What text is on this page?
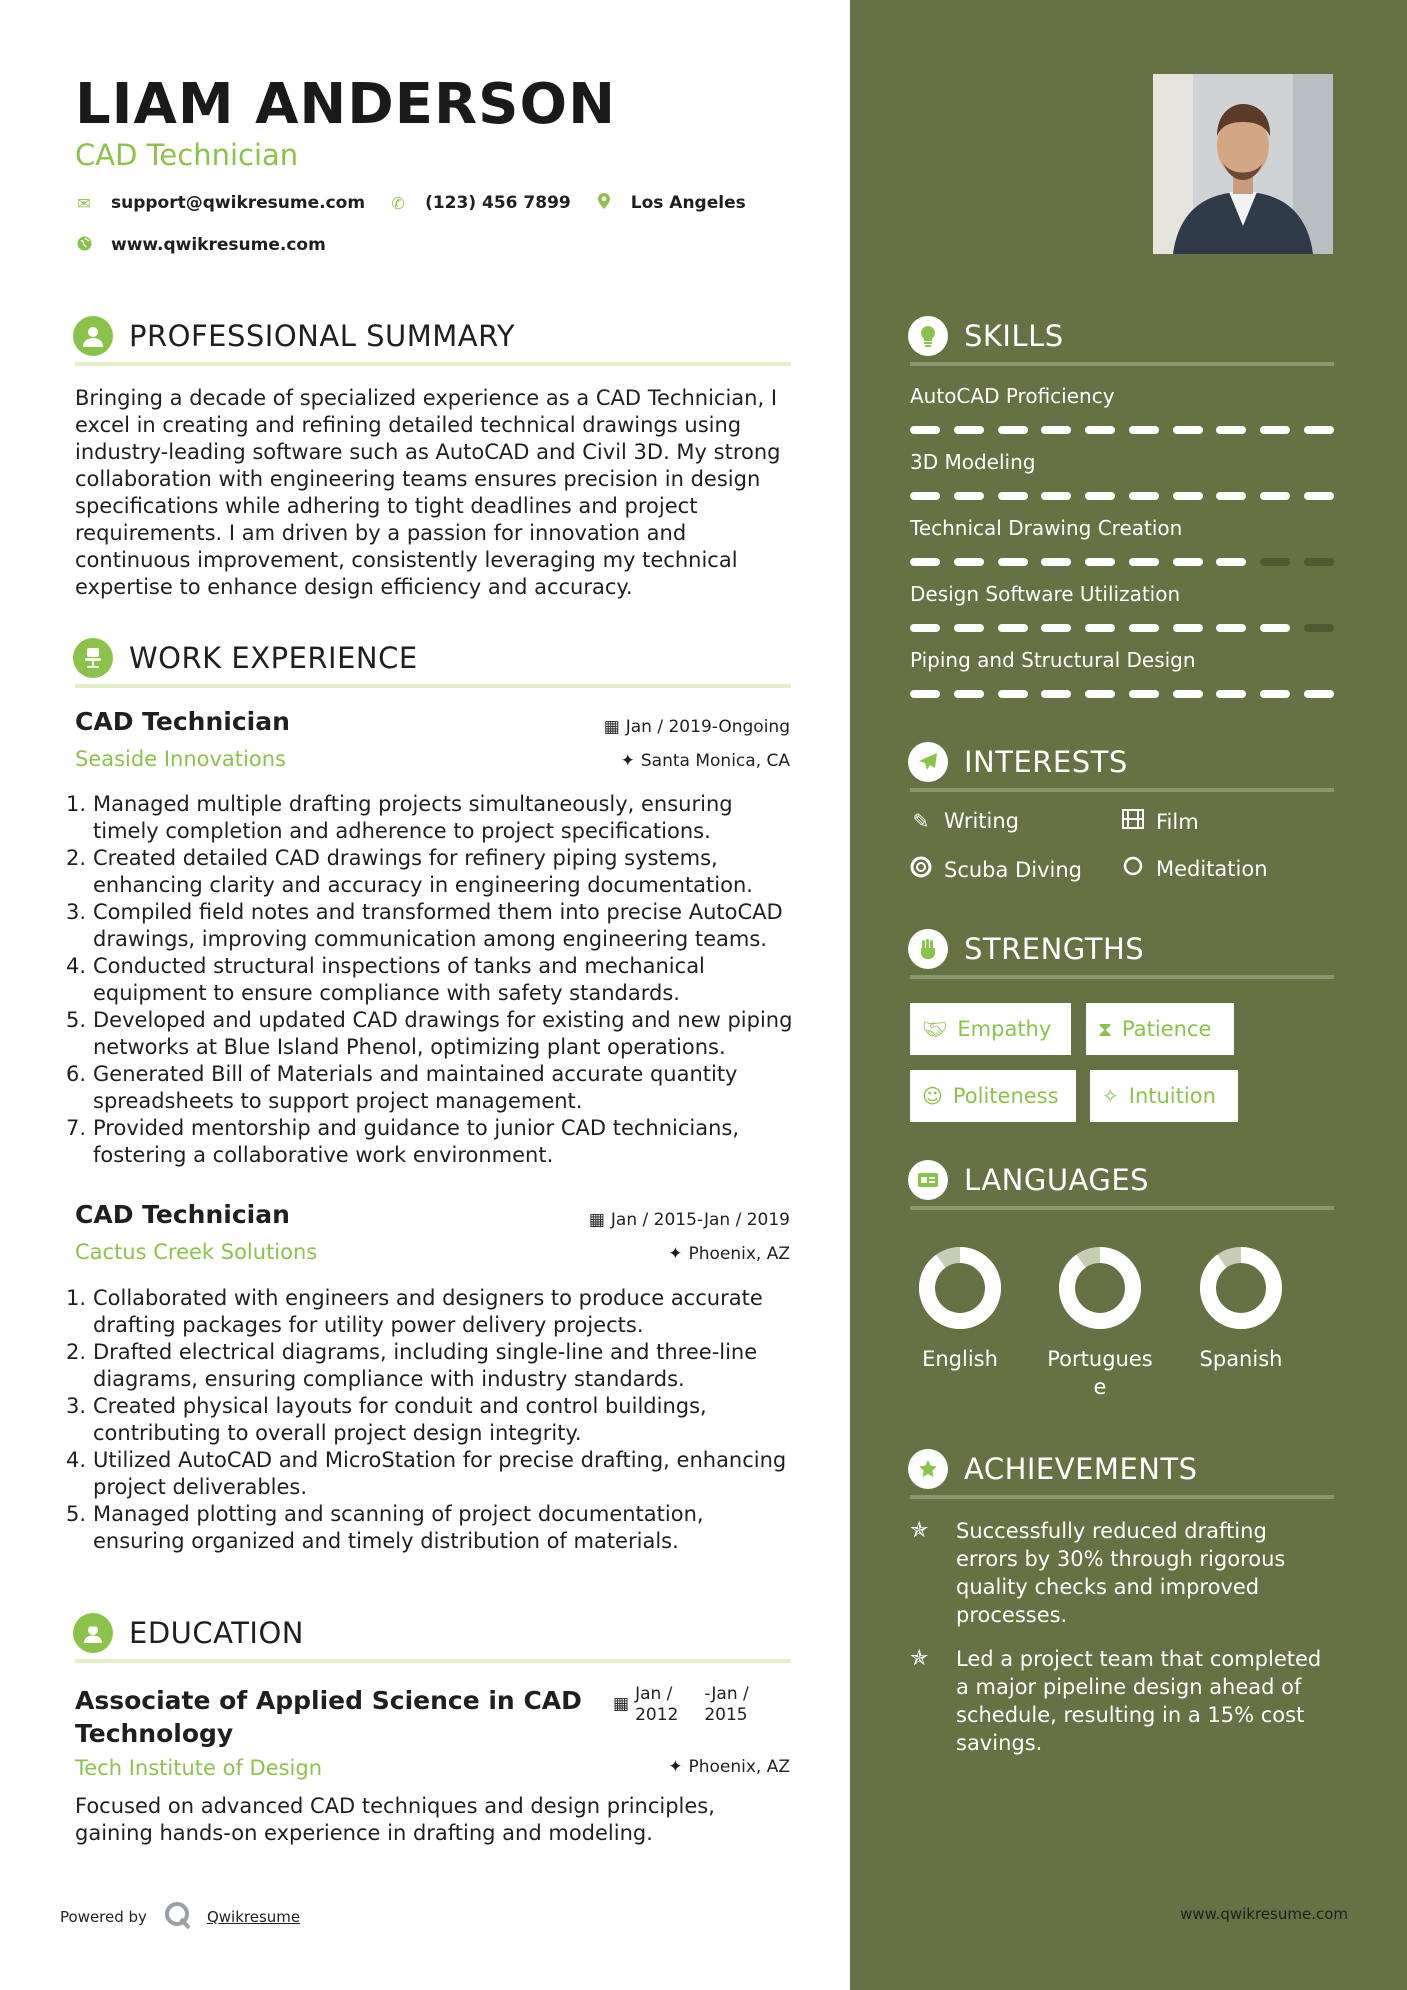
LIAM ANDERSON
CAD Technician
✉ support@qwikresume.com ✆ (123) 456 7899	Los Angeles
www.qwikresume.com
PROFESSIONAL SUMMARY
Bringing a decade of specialized experience as a CAD Technician, I
excel in creating and refining detailed technical drawings using
industry-leading software such as AutoCAD and Civil 3D. My strong
collaboration with engineering teams ensures precision in design
specifications while adhering to tight deadlines and project
requirements. I am driven by a passion for innovation and
continuous improvement, consistently leveraging my technical
expertise to enhance design efficiency and accuracy.
WORK EXPERIENCE
CAD Technician	▦ Jan / 2019-Ongoing
Seaside Innovations	✦ Santa Monica, CA
1. Managed multiple drafting projects simultaneously, ensuring
timely completion and adherence to project specifications.
2. Created detailed CAD drawings for refinery piping systems,
enhancing clarity and accuracy in engineering documentation.
3. Compiled field notes and transformed them into precise AutoCAD
drawings, improving communication among engineering teams.
4. Conducted structural inspections of tanks and mechanical
equipment to ensure compliance with safety standards.
5. Developed and updated CAD drawings for existing and new piping
networks at Blue Island Phenol, optimizing plant operations.
6. Generated Bill of Materials and maintained accurate quantity
spreadsheets to support project management.
7. Provided mentorship and guidance to junior CAD technicians,
fostering a collaborative work environment.
CAD Technician	▦ Jan / 2015-Jan / 2019
Cactus Creek Solutions	✦ Phoenix, AZ
1. Collaborated with engineers and designers to produce accurate
drafting packages for utility power delivery projects.
2. Drafted electrical diagrams, including single-line and three-line
diagrams, ensuring compliance with industry standards.
3. Created physical layouts for conduit and control buildings,
contributing to overall project design integrity.
4. Utilized AutoCAD and MicroStation for precise drafting, enhancing
project deliverables.
5. Managed plotting and scanning of project documentation,
ensuring organized and timely distribution of materials.
EDUCATION
Associate of Applied Science in CAD
Technology
▦ Jan /
2012
-Jan /
2015
Tech Institute of Design	✦ Phoenix, AZ
Focused on advanced CAD techniques and design principles,
gaining hands-on experience in drafting and modeling.
Powered by	Qwikresume
SKILLS
AutoCAD Proficiency
3D Modeling
Technical Drawing Creation
Design Software Utilization
Piping and Structural Design
INTERESTS
✎ Writing	Film
Scuba Diving	Meditation
STRENGTHS
🤝︎ Empathy ⧗ Patience
☺ Politeness ✧ Intuition
LANGUAGES
English	Portuguese
Spanish
ACHIEVEMENTS
✯	Successfully reduced drafting
errors by 30% through rigorous
quality checks and improved
processes.
✯	Led a project team that completed
a major pipeline design ahead of
schedule, resulting in a 15% cost
savings.
www.qwikresume.com
